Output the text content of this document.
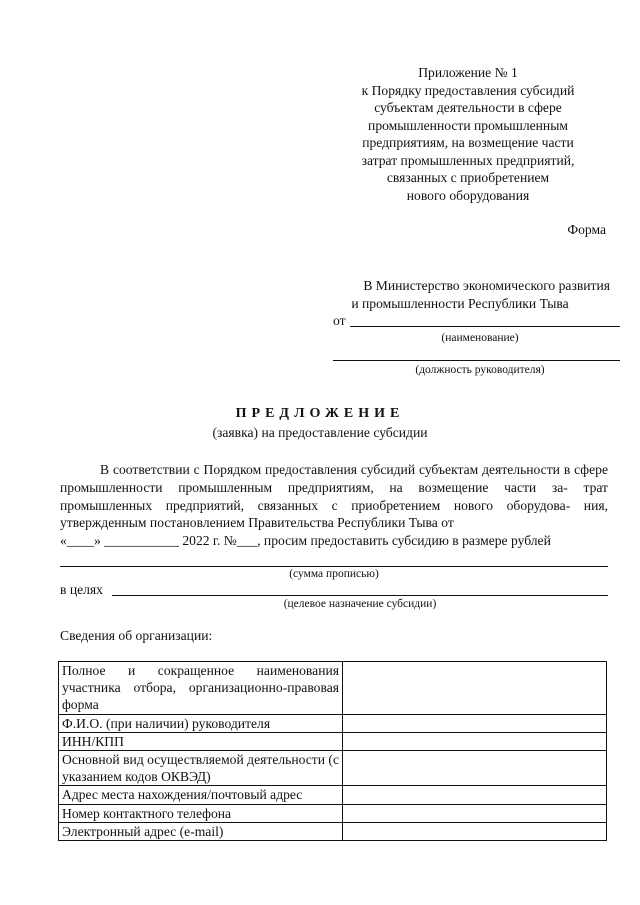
Приложение № 1
к Порядку предоставления субсидий
субъектам деятельности в сфере
промышленности промышленным
предприятиям, на возмещение части
затрат промышленных предприятий,
связанных с приобретением
нового оборудования
Форма
В Министерство экономического развития
и промышленности Республики Тыва
от
(наименование)
(должность руководителя)
ПРЕДЛОЖЕНИЕ
(заявка) на предоставление субсидии
В соответствии с Порядком предоставления субсидий субъектам деятельности в сфере промышленности промышленным предприятиям, на возмещение части за- трат промышленных предприятий, связанных с приобретением нового оборудова- ния, утвержденным постановлением Правительства Республики Тыва от
«____» ___________ 2022 г. №___, просим предоставить субсидию в размере рублей
(сумма прописью)
в целях
(целевое назначение субсидии)
Сведения об организации:
Полное и сокращенное наименования участника отбора, организационно-правовая форма	
Ф.И.О. (при наличии) руководителя	
ИНН/КПП	
Основной вид осуществляемой деятельности (с указанием кодов ОКВЭД)	
Адрес места нахождения/почтовый адрес	
Номер контактного телефона	
Электронный адрес (e-mail)	
